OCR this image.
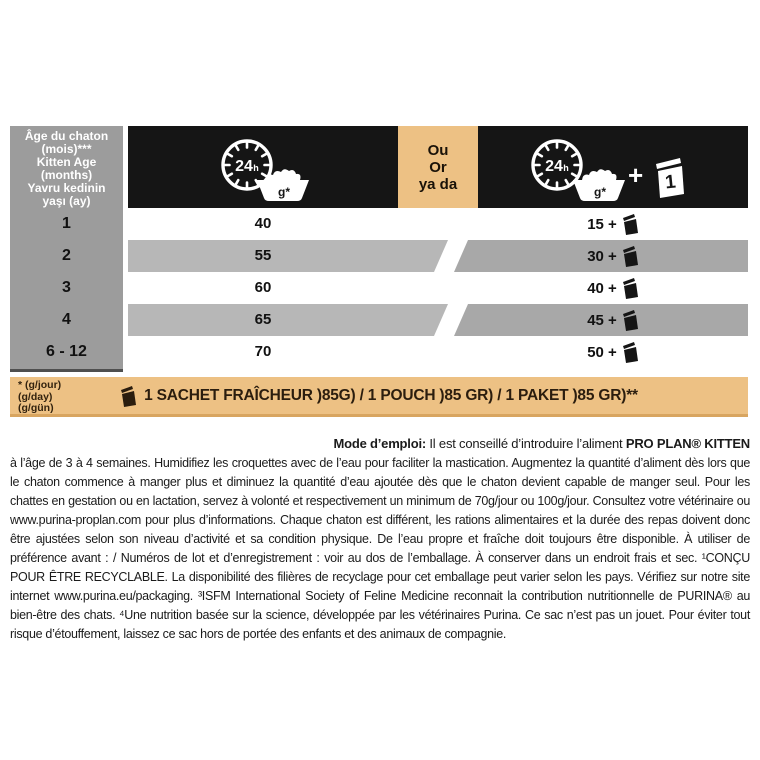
24 h
g*
Ou
Or
ya da
24 h
g*
+ 1
Âge du chaton
(mois)***
Kitten Age
(months)
Yavru kedinin
yaşı (ay)
1	40	15 +
2	55	30 +
3	60	40 +
4	65	45 +
6 - 12	70	50 +
* (g/jour)
(g/day)
(g/gün)
1 SACHET FRAÎCHEUR )85G) / 1 POUCH )85 GR) / 1 PAKET )85 GR)**

Mode d’emploi: Il est conseillé d’introduire l’aliment PRO PLAN® KITTEN

à l’âge de 3 à 4 semaines. Humidifiez les croquettes avec de l’eau pour faciliter la mastication. Augmentez la quantité d’aliment dès lors que le chaton commence à manger plus et diminuez la quantité d’eau ajoutée dès que le chaton devient capable de manger seul. Pour les chattes en gestation ou en lactation, servez à volonté et respectivement un minimum de 70g/jour ou 100g/jour. Consultez votre vétérinaire ou www.purina-proplan.com pour plus d’informations. Chaque chaton est différent, les rations alimentaires et la durée des repas doivent donc être ajustées selon son niveau d’activité et sa condition physique. De l’eau propre et fraîche doit toujours être disponible. À utiliser de préférence avant : / Numéros de lot et d’enregistrement : voir au dos de l’emballage. À conserver dans un endroit frais et sec. ¹CONÇU POUR ÊTRE RECYCLABLE. La disponibilité des filières de recyclage pour cet emballage peut varier selon les pays. Vérifiez sur notre site internet www.purina.eu/packaging. ³ISFM International Society of Feline Medicine reconnait la contribution nutritionnelle de PURINA® au bien-être des chats. ⁴Une nutrition basée sur la science, développée par les vétérinaires Purina. Ce sac n’est pas un jouet. Pour éviter tout risque d’étouffement, laissez ce sac hors de portée des enfants et des animaux de compagnie.
